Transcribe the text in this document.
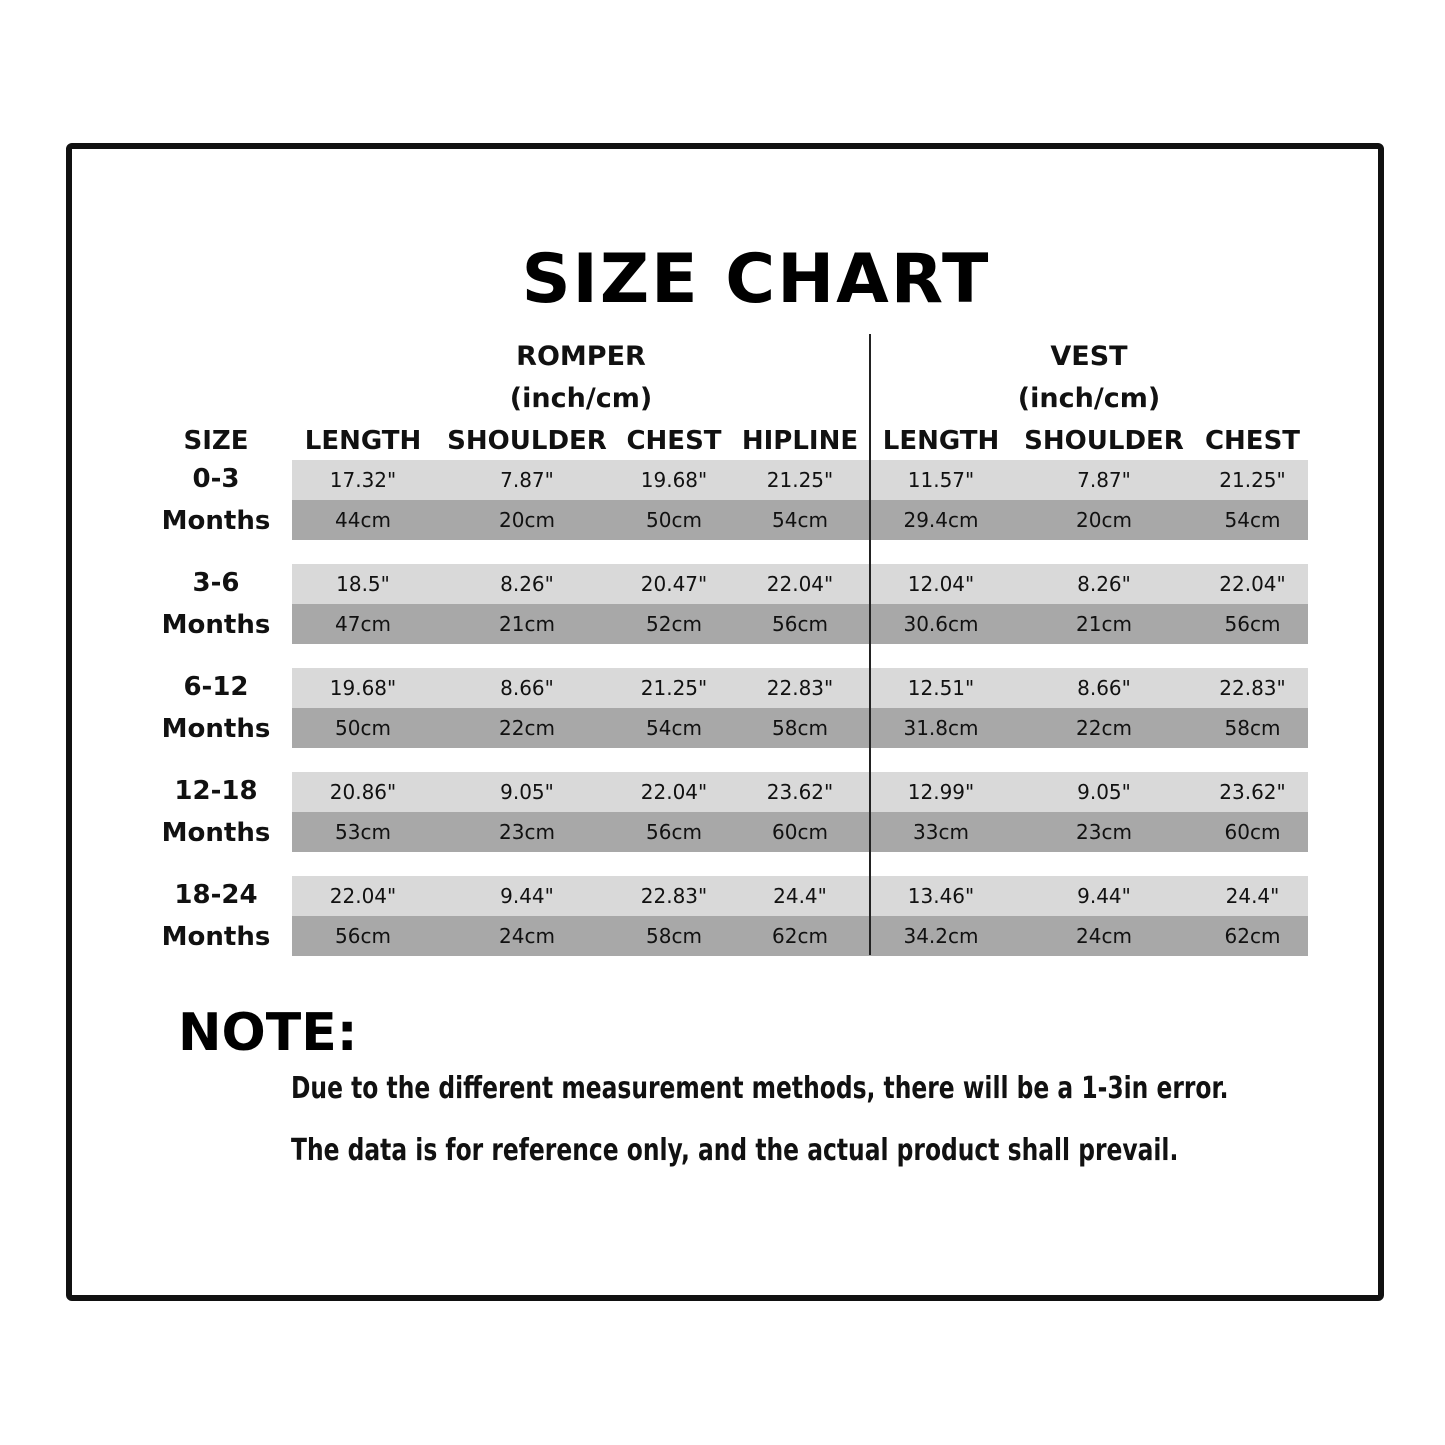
SIZE CHART
ROMPER
(inch/cm)
VEST
(inch/cm)
SIZE	LENGTH SHOULDER CHEST HIPLINE LENGTH SHOULDER CHEST
0-3
Months
17.32"	7.87"	19.68"	21.25"	11.57"	7.87"	21.25"
44cm	20cm	50cm	54cm	29.4cm	20cm	54cm
3-6
Months
18.5"	8.26"	20.47"	22.04"	12.04"	8.26"	22.04"
47cm	21cm	52cm	56cm	30.6cm	21cm	56cm
6-12
Months
19.68"	8.66"	21.25"	22.83"	12.51"	8.66"	22.83"
50cm	22cm	54cm	58cm	31.8cm	22cm	58cm
12-18
Months
20.86"	9.05"	22.04"	23.62"	12.99"	9.05"	23.62"
53cm	23cm	56cm	60cm	33cm	23cm	60cm
18-24
Months
22.04"	9.44"	22.83"	24.4"	13.46"	9.44"	24.4"
56cm	24cm	58cm	62cm	34.2cm	24cm	62cm
NOTE:
Due to the different measurement methods, there will be a 1-3in error.
The data is for reference only, and the actual product shall prevail.
